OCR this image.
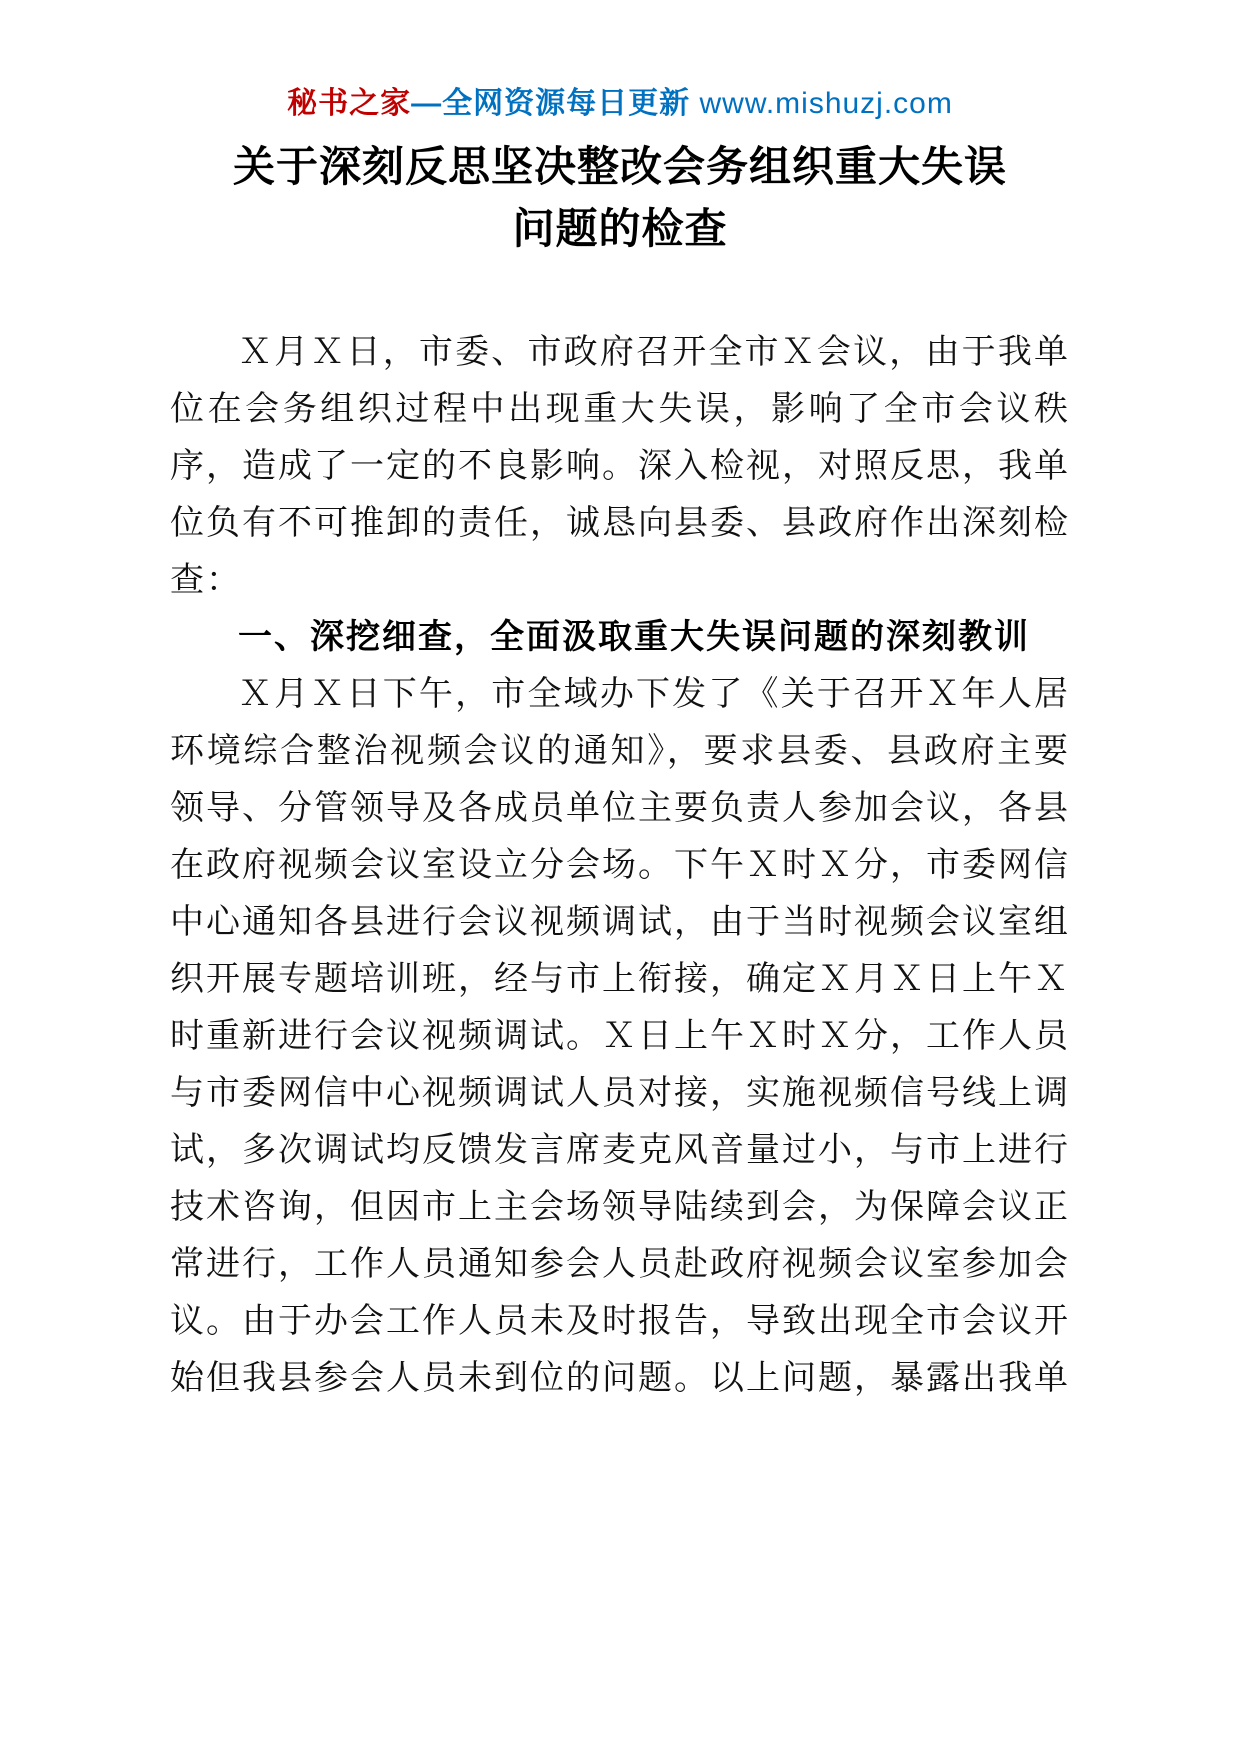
秘书之家—全网资源每日更新 www.mishuzj.com
关于深刻反思坚决整改会务组织重大失误
问题的检查

Ｘ月Ｘ日，市委、市政府召开全市Ｘ会议，由于我单位在会务组织过程中出现重大失误，影响了全市会议秩序，造成了一定的不良影响。深入检视，对照反思，我单位负有不可推卸的责任，诚恳向县委、县政府作出深刻检查：

一、深挖细查，全面汲取重大失误问题的深刻教训

Ｘ月Ｘ日下午，市全域办下发了《关于召开Ｘ年人居环境综合整治视频会议的通知》，要求县委、县政府主要领导、分管领导及各成员单位主要负责人参加会议，各县在政府视频会议室设立分会场。下午Ｘ时Ｘ分，市委网信中心通知各县进行会议视频调试，由于当时视频会议室组织开展专题培训班，经与市上衔接，确定Ｘ月Ｘ日上午Ｘ时重新进行会议视频调试。Ｘ日上午Ｘ时Ｘ分，工作人员与市委网信中心视频调试人员对接，实施视频信号线上调试，多次调试均反馈发言席麦克风音量过小，与市上进行技术咨询，但因市上主会场领导陆续到会，为保障会议正常进行，工作人员通知参会人员赴政府视频会议室参加会议。由于办会工作人员未及时报告，导致出现全市会议开始但我县参会人员未到位的问题。以上问题，暴露出我单
